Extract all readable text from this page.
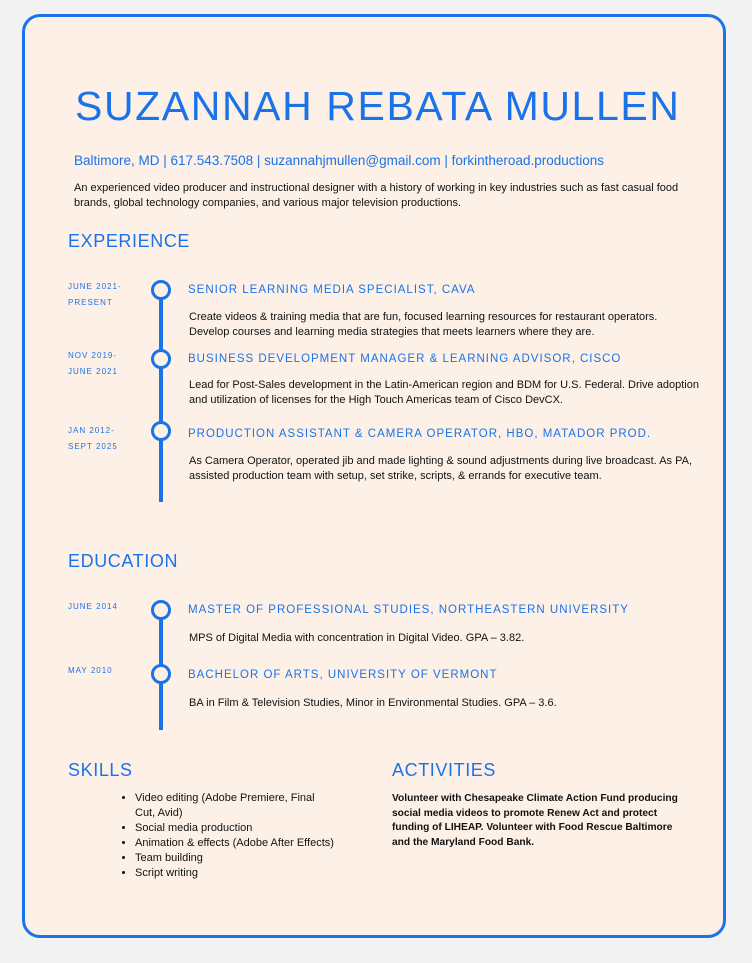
SUZANNAH REBATA MULLEN
Baltimore, MD | 617.543.7508 | suzannahjmullen@gmail.com | forkintheroad.productions
An experienced video producer and instructional designer with a history of working in key industries such as fast casual food brands, global technology companies, and various major television productions.
EXPERIENCE
JUNE 2021-
PRESENT
SENIOR LEARNING MEDIA SPECIALIST, CAVA
Create videos & training media that are fun, focused learning resources for restaurant operators. Develop courses and learning media strategies that meets learners where they are.
NOV 2019-
JUNE 2021
BUSINESS DEVELOPMENT MANAGER & LEARNING ADVISOR, CISCO
Lead for Post-Sales development in the Latin-American region and BDM for U.S. Federal. Drive adoption and utilization of licenses for the High Touch Americas team of Cisco DevCX.
JAN 2012-
SEPT 2025
PRODUCTION ASSISTANT & CAMERA OPERATOR, HBO, MATADOR PROD.
As Camera Operator, operated jib and made lighting & sound adjustments during live broadcast. As PA, assisted production team with setup, set strike, scripts, & errands for executive team.
EDUCATION
JUNE 2014	MASTER OF PROFESSIONAL STUDIES, NORTHEASTERN UNIVERSITY
MPS of Digital Media with concentration in Digital Video. GPA – 3.82.
MAY 2010	BACHELOR OF ARTS, UNIVERSITY OF VERMONT
BA in Film & Television Studies, Minor in Environmental Studies. GPA – 3.6.
SKILLS
• Video editing (Adobe Premiere, Final Cut, Avid)
• Social media production
• Animation & effects (Adobe After Effects)
• Team building
• Script writing
ACTIVITIES
Volunteer with Chesapeake Climate Action Fund producing social media videos to promote Renew Act and protect funding of LIHEAP. Volunteer with Food Rescue Baltimore and the Maryland Food Bank.
